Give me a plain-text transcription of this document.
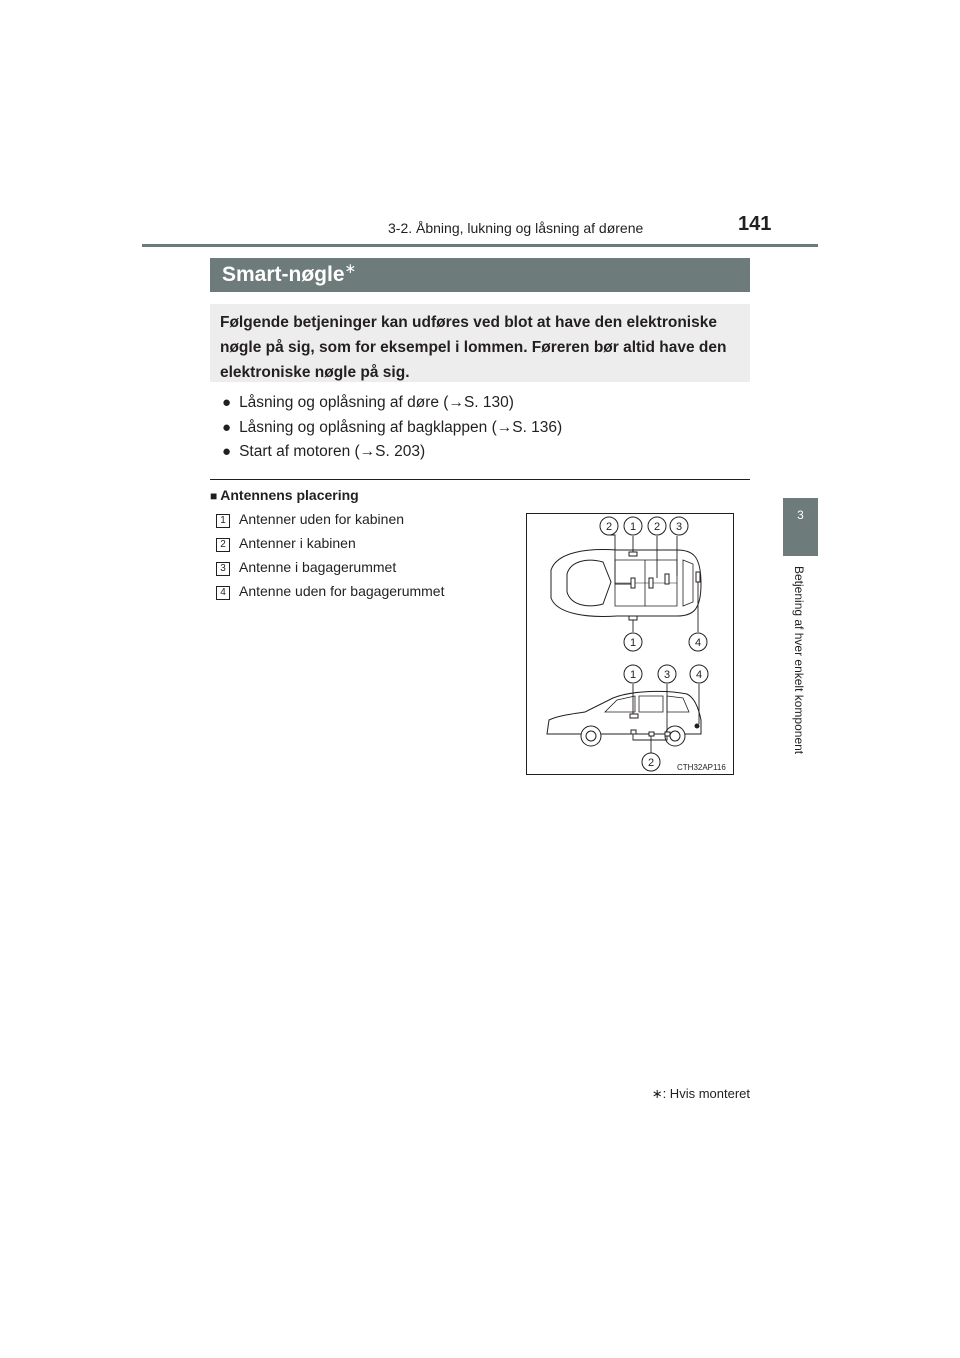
3-2. Åbning, lukning og låsning af dørene	141
3
Betjening af hver enkelt komponent
Smart-nøgle∗
Følgende betjeninger kan udføres ved blot at have den elektroniske nøgle på sig, som for eksempel i lommen. Føreren bør altid have den elektroniske nøgle på sig.
● Låsning og oplåsning af døre (→S. 130)
● Låsning og oplåsning af bagklappen (→S. 136)
● Start af motoren (→S. 203)
■ Antennens placering
1 Antenner uden for kabinen
2 Antenner i kabinen
3 Antenne i bagagerummet
4 Antenne uden for bagagerummet
2 1 2 3
1	4
1	3 4
2	CTH32AP116
∗: Hvis monteret
